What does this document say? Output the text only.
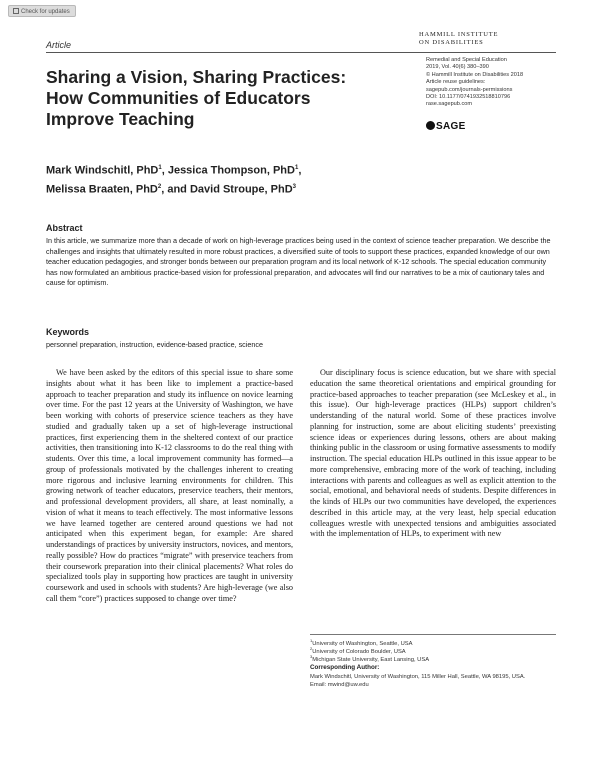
Check for updates
Article
HAMMILL INSTITUTE
ON DISABILITIES
Remedial and Special Education
2019, Vol. 40(6) 380–390
© Hammill Institute on Disabilities 2018
Article reuse guidelines:
sagepub.com/journals-permissions
DOI: 10.1177/0741932518810796
rase.sagepub.com
SAGE
Sharing a Vision, Sharing Practices: How Communities of Educators Improve Teaching
Mark Windschitl, PhD$^1$, Jessica Thompson, PhD$^1$,
Melissa Braaten, PhD$^2$, and David Stroupe, PhD$^3$
Abstract
In this article, we summarize more than a decade of work on high-leverage practices being used in the context of science teacher preparation. We describe the challenges and insights that ultimately resulted in more robust practices, a diversified suite of tools to support these practices, expanded knowledge of our own teacher education pedagogies, and stronger bonds between our preparation program and its local network of K-12 schools. The special education community has now formulated an ambitious practice-based vision for professional preparation, and advocates will find our narratives to be a mix of cautionary tales and cause for optimism.
Keywords
personnel preparation, instruction, evidence-based practice, science
We have been asked by the editors of this special issue to share some insights about what it has been like to implement a practice-based approach to teacher preparation and study its influence on novice learning over time. For the past 12 years at the University of Washington, we have been working with cohorts of preservice science teachers as they have studied and gradually taken up a set of high-leverage instructional practices, first experiencing them in the sheltered context of our practice activities, then transitioning into K-12 classrooms to do the real thing with students. Over this time, a local improvement community has formed—a group of professionals motivated by the challenges inherent to creating more rigorous and inclusive learning environments for children. This growing network of teacher educators, preservice teachers, their mentors, and professional development providers, all share, at least nominally, a vision of what it means to teach effectively. The most informative lessons we have learned together are centered around questions we had not anticipated when this experiment began, for example: Are shared understandings of practices by university instructors, novices, and mentors, really possible? How do practices “migrate” with preservice teachers from their coursework preparation into their clinical placements? What roles do specialized tools play in supporting how practices are taught in university coursework and used in schools with students? Are high-leverage (we also call them “core”) practices supposed to change over time?
Our disciplinary focus is science education, but we share with special education the same theoretical orientations and empirical grounding for practice-based approaches to teacher preparation (see McLeskey et al., in this issue). Our high-leverage practices (HLPs) support children’s understanding of the natural world. Some of these practices involve planning for instruction, some are about eliciting students’ preexisting science ideas or experiences during lessons, others are about making thinking public in the classroom or using formative assessments to modify instruction. The special education HLPs outlined in this issue appear to be more comprehensive, embracing more of the work of teaching, including interactions with parents and colleagues as well as explicit attention to the social, emotional, and behavioral needs of students. Despite differences in the kinds of HLPs our two communities have developed, the experiences described in this article may, at the very least, help special education colleagues wrestle with unexpected tensions and ambiguities associated with the implementation of HLPs, to experiment with new
$^1$University of Washington, Seattle, USA
$^2$University of Colorado Boulder, USA
$^3$Michigan State University, East Lansing, USA
Corresponding Author:
Mark Windschitl, University of Washington, 115 Miller Hall, Seattle, WA 98195, USA.
Email: mwind@uw.edu
